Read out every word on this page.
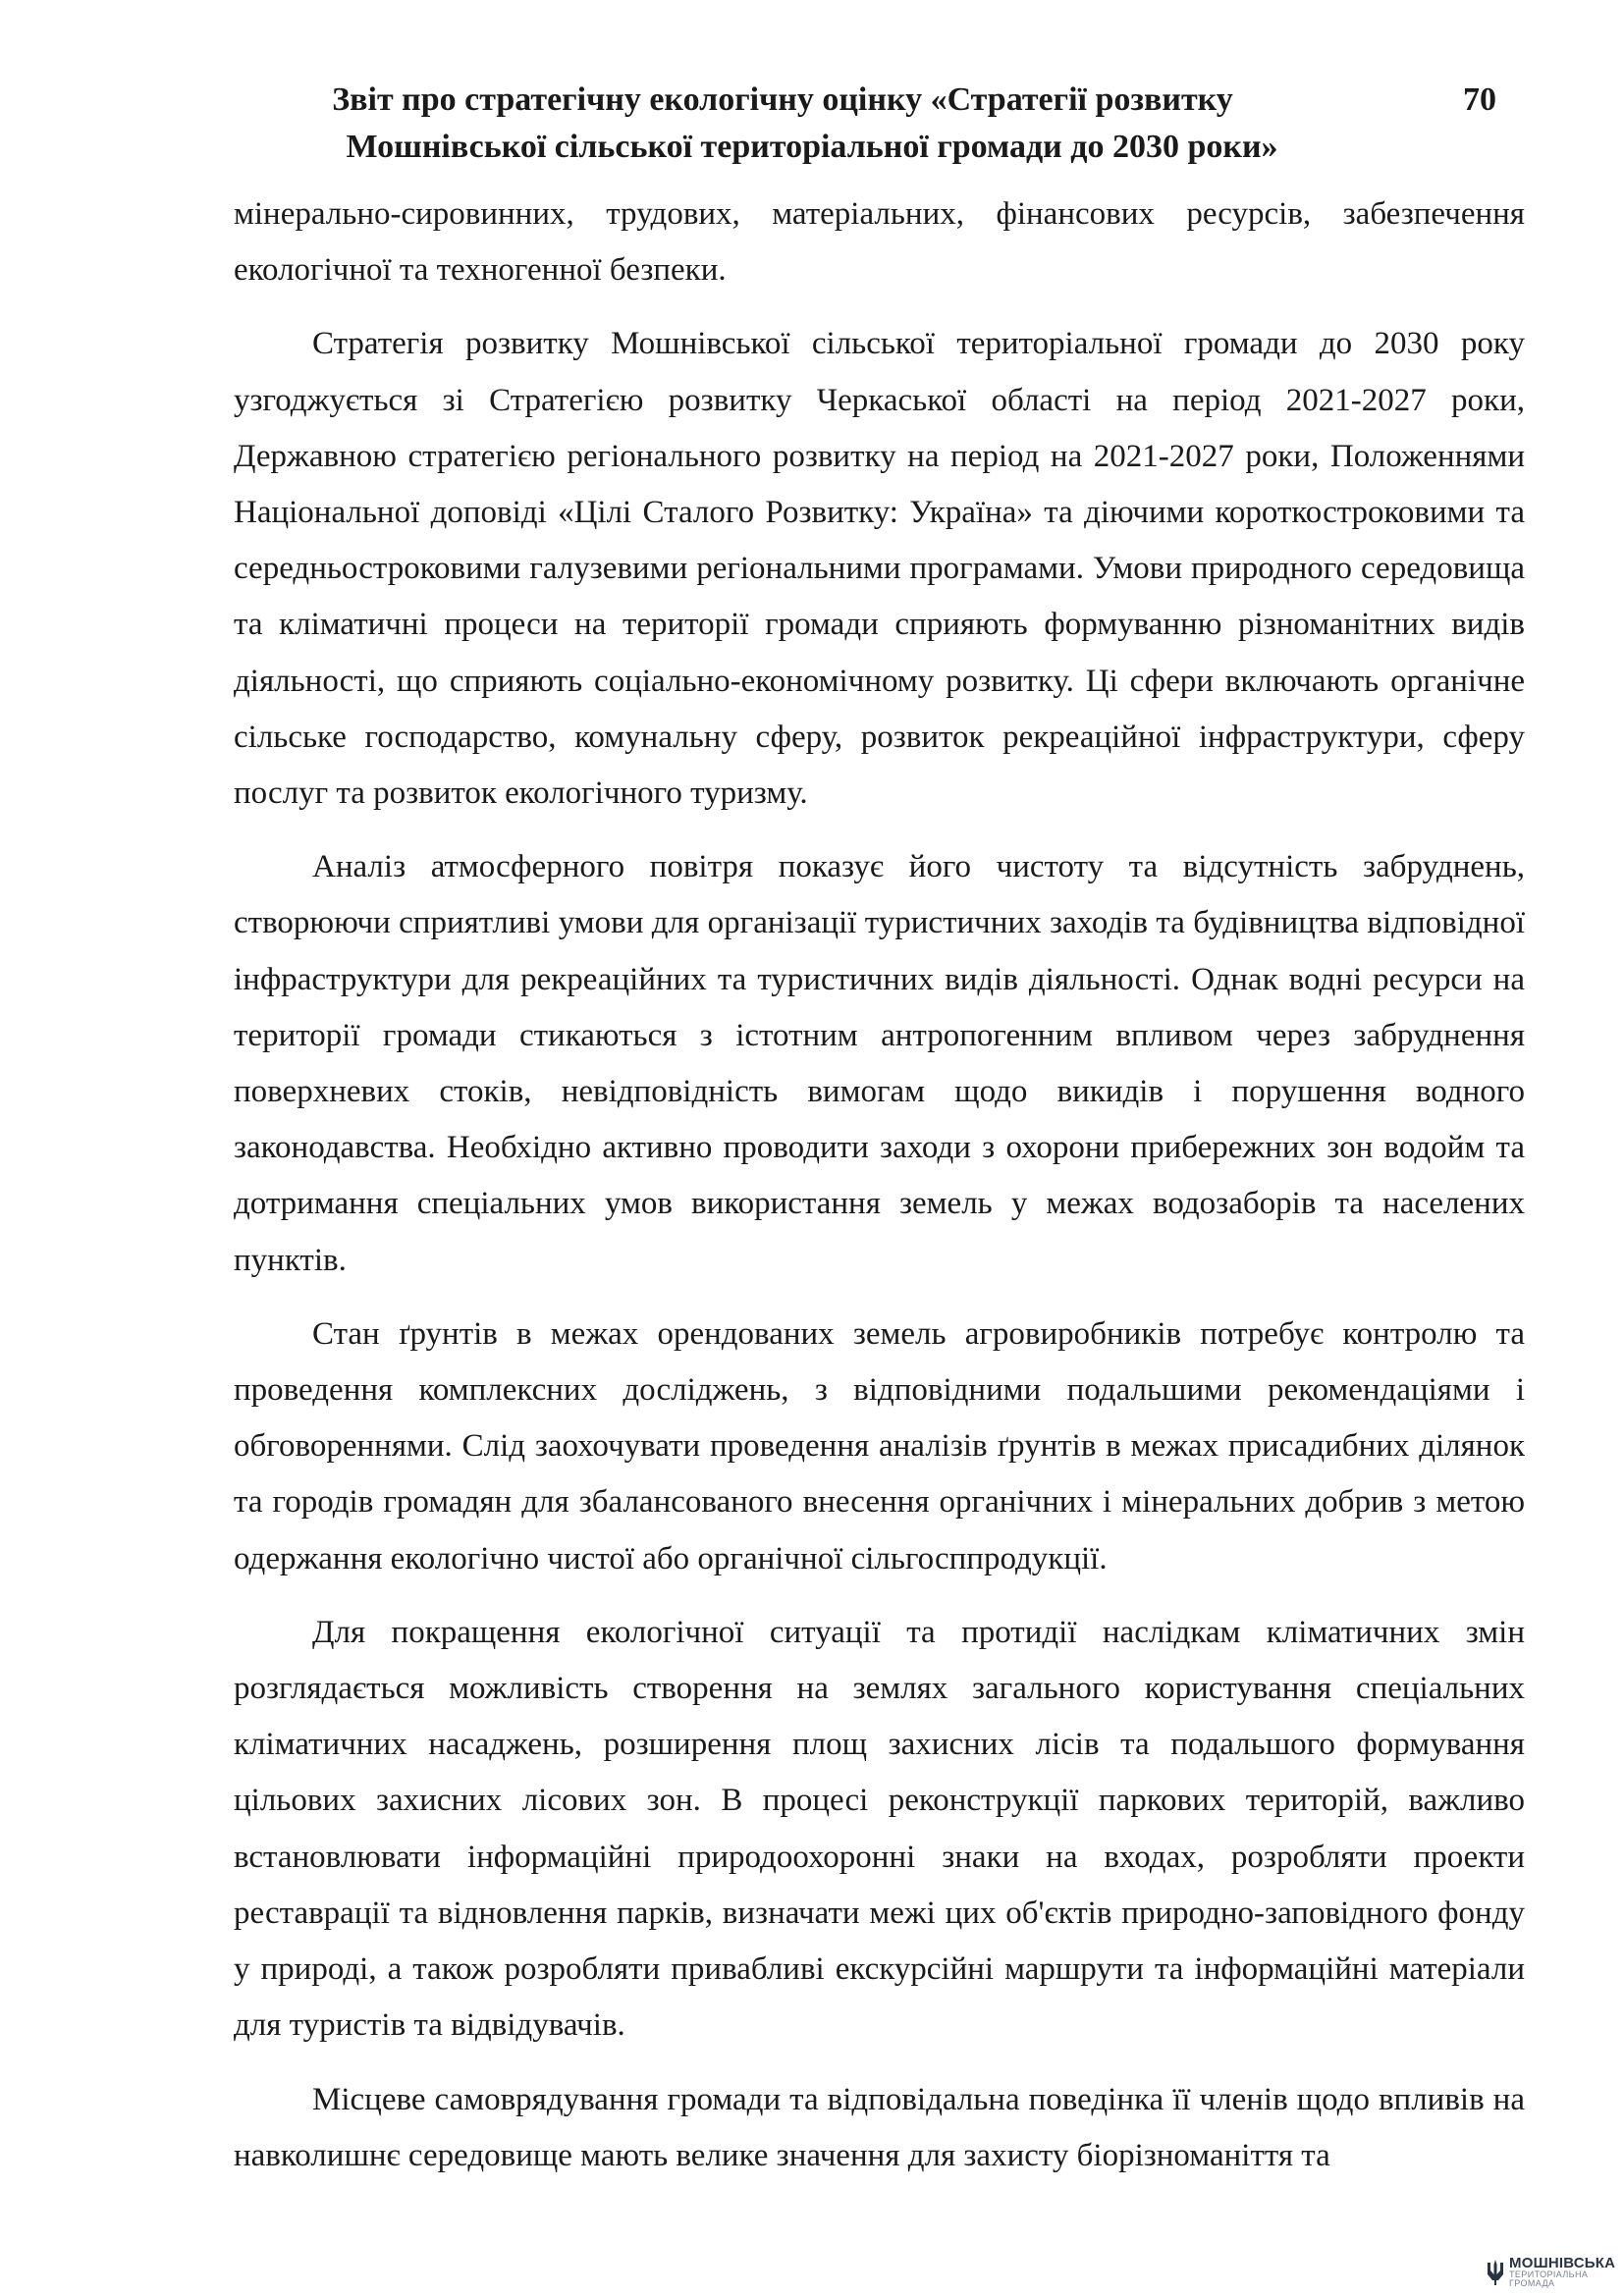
Звіт про стратегічну екологічну оцінку «Стратегії розвитку
Мошнівської сільської територіальної громади до 2030 роки»
70

мінерально-сировинних, трудових, матеріальних, фінансових ресурсів, забезпечення екологічної та техногенної безпеки.

Стратегія розвитку Мошнівської сільської територіальної громади до 2030 року узгоджується зі Стратегією розвитку Черкаської області на період 2021-2027 роки, Державною стратегією регіонального розвитку на період на 2021-2027 роки, Положеннями Національної доповіді «Цілі Сталого Розвитку: Україна» та діючими короткостроковими та середньостроковими галузевими регіональними програмами. Умови природного середовища та кліматичні процеси на території громади сприяють формуванню різноманітних видів діяльності, що сприяють соціально-економічному розвитку. Ці сфери включають органічне сільське господарство, комунальну сферу, розвиток рекреаційної інфраструктури, сферу послуг та розвиток екологічного туризму.

Аналіз атмосферного повітря показує його чистоту та відсутність забруднень, створюючи сприятливі умови для організації туристичних заходів та будівництва відповідної інфраструктури для рекреаційних та туристичних видів діяльності. Однак водні ресурси на території громади стикаються з істотним антропогенним впливом через забруднення поверхневих стоків, невідповідність вимогам щодо викидів і порушення водного законодавства. Необхідно активно проводити заходи з охорони прибережних зон водойм та дотримання спеціальних умов використання земель у межах водозаборів та населених пунктів.

Стан ґрунтів в межах орендованих земель агровиробників потребує контролю та проведення комплексних досліджень, з відповідними подальшими рекомендаціями і обговореннями. Слід заохочувати проведення аналізів ґрунтів в межах присадибних ділянок та городів громадян для збалансованого внесення органічних і мінеральних добрив з метою одержання екологічно чистої або органічної сільгосппродукції.

Для покращення екологічної ситуації та протидії наслідкам кліматичних змін розглядається можливість створення на землях загального користування спеціальних кліматичних насаджень, розширення площ захисних лісів та подальшого формування цільових захисних лісових зон. В процесі реконструкції паркових територій, важливо встановлювати інформаційні природоохоронні знаки на входах, розробляти проекти реставрації та відновлення парків, визначати межі цих об'єктів природно-заповідного фонду у природі, а також розробляти привабливі екскурсійні маршрути та інформаційні матеріали для туристів та відвідувачів.

Місцеве самоврядування громади та відповідальна поведінка її членів щодо впливів на навколишнє середовище мають велике значення для захисту біорізноманіття та

МОШНІВСЬКА
ТЕРИТОРІАЛЬНА
ГРОМАДА
